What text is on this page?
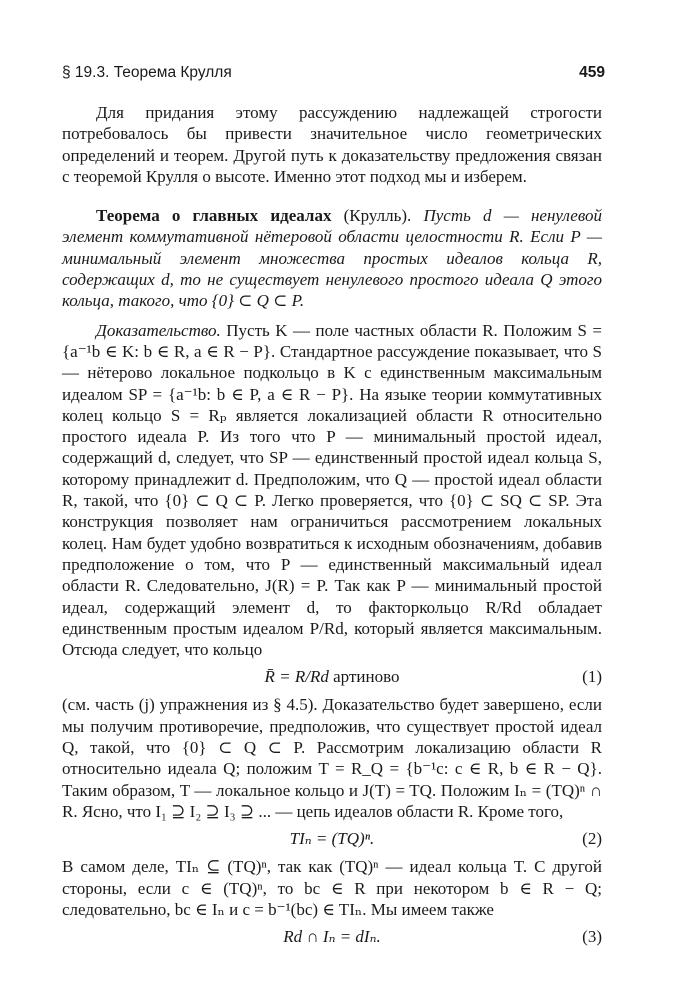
§ 19.3. Теорема Крулля	459

Для придания этому рассуждению надлежащей строгости потребовалось бы привести значительное число геометрических определений и теорем. Другой путь к доказательству предложения связан с теоремой Крулля о высоте. Именно этот подход мы и изберем.

Теорема о главных идеалах (Крулль). Пусть d — ненулевой элемент коммутативной нётеровой области целостности R. Если P — минимальный элемент множества простых идеалов кольца R, содержащих d, то не существует ненулевого простого идеала Q этого кольца, такого, что {0} ⊂ Q ⊂ P.

Доказательство. Пусть K — поле частных области R. Положим S = {a⁻¹b ∈ K: b ∈ R, a ∈ R − P}. Стандартное рассуждение показывает, что S — нётерово локальное подкольцо в K с единственным максимальным идеалом SP = {a⁻¹b: b ∈ P, a ∈ R − P}. На языке теории коммутативных колец кольцо S = Rₚ является локализацией области R относительно простого идеала P. Из того что P — минимальный простой идеал, содержащий d, следует, что SP — единственный простой идеал кольца S, которому принадлежит d. Предположим, что Q — простой идеал области R, такой, что {0} ⊂ Q ⊂ P. Легко проверяется, что {0} ⊂ SQ ⊂ SP. Эта конструкция позволяет нам ограничиться рассмотрением локальных колец. Нам будет удобно возвратиться к исходным обозначениям, добавив предположение о том, что P — единственный максимальный идеал области R. Следовательно, J(R) = P. Так как P — минимальный простой идеал, содержащий элемент d, то факторкольцо R/Rd обладает единственным простым идеалом P/Rd, который является максимальным. Отсюда следует, что кольцо

R̄ = R/Rd артиново	(1)

(см. часть (j) упражнения из § 4.5). Доказательство будет завершено, если мы получим противоречие, предположив, что существует простой идеал Q, такой, что {0} ⊂ Q ⊂ P. Рассмотрим локализацию области R относительно идеала Q; положим T = R_Q = {b⁻¹c: c ∈ R, b ∈ R − Q}. Таким образом, T — локальное кольцо и J(T) = TQ. Положим Iₙ = (TQ)ⁿ ∩ R. Ясно, что I₁ ⊇ I₂ ⊇ I₃ ⊇ ... — цепь идеалов области R. Кроме того,

TIₙ = (TQ)ⁿ.	(2)

В самом деле, TIₙ ⊆ (TQ)ⁿ, так как (TQ)ⁿ — идеал кольца T. С другой стороны, если c ∈ (TQ)ⁿ, то bc ∈ R при некотором b ∈ R − Q; следовательно, bc ∈ Iₙ и c = b⁻¹(bc) ∈ TIₙ. Мы имеем также

Rd ∩ Iₙ = dIₙ.	(3)
